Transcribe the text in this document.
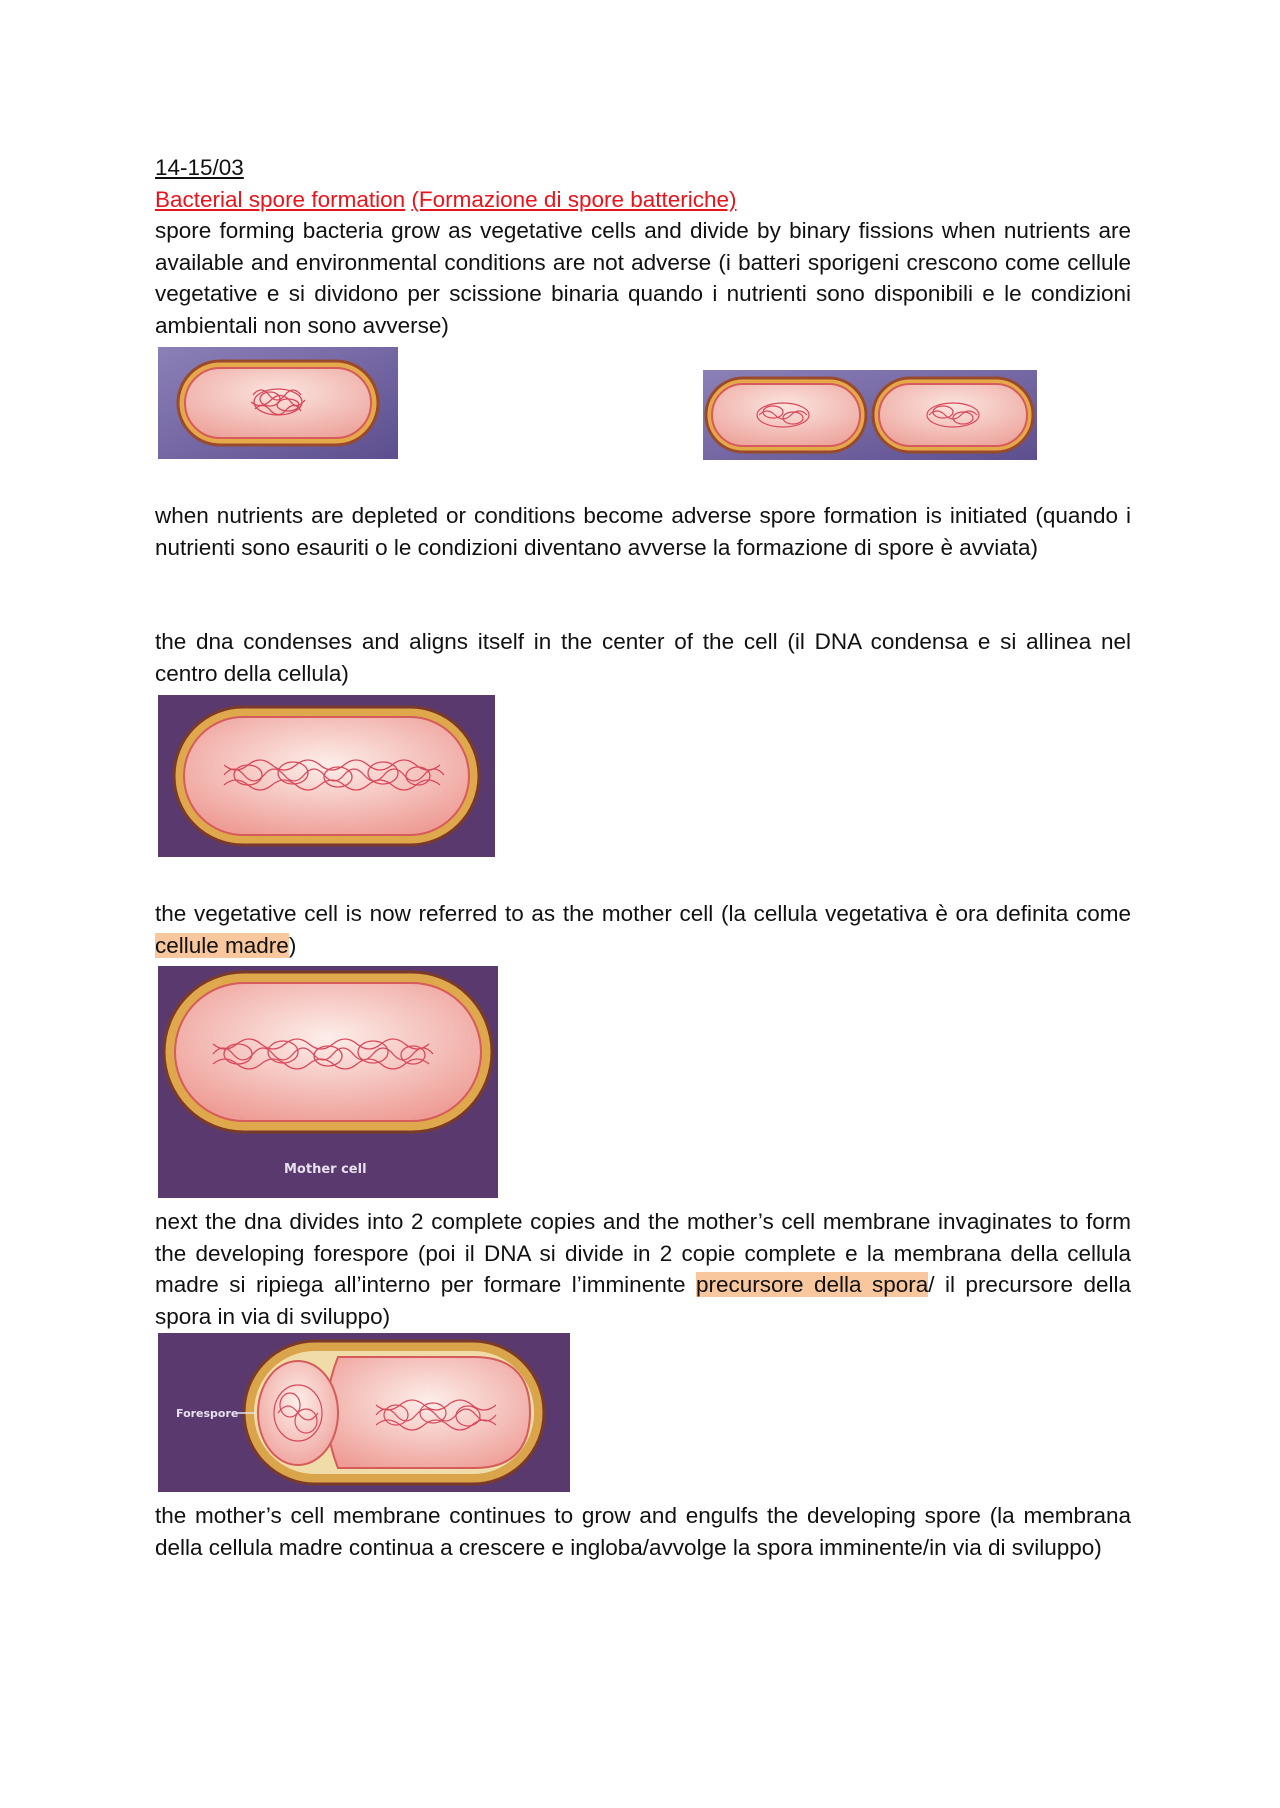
14-15/03
Bacterial spore formation (Formazione di spore batteriche)
spore forming bacteria grow as vegetative cells and divide by binary fissions when nutrients are available and environmental conditions are not adverse (i batteri sporigeni crescono come cellule vegetative e si dividono per scissione binaria quando i nutrienti sono disponibili e le condizioni ambientali non sono avverse)
when nutrients are depleted or conditions become adverse spore formation is initiated (quando i nutrienti sono esauriti o le condizioni diventano avverse la formazione di spore è avviata)
the dna condenses and aligns itself in the center of the cell (il DNA condensa e si allinea nel centro della cellula)
the vegetative cell is now referred to as the mother cell (la cellula vegetativa è ora definita come cellule madre)
Mother cell
next the dna divides into 2 complete copies and the mother’s cell membrane invaginates to form the developing forespore (poi il DNA si divide in 2 copie complete e la membrana della cellula madre si ripiega all’interno per formare l’imminente precursore della spora/ il precursore della spora in via di sviluppo)
Forespore
the mother’s cell membrane continues to grow and engulfs the developing spore (la membrana della cellula madre continua a crescere e ingloba/avvolge la spora imminente/in via di sviluppo)
